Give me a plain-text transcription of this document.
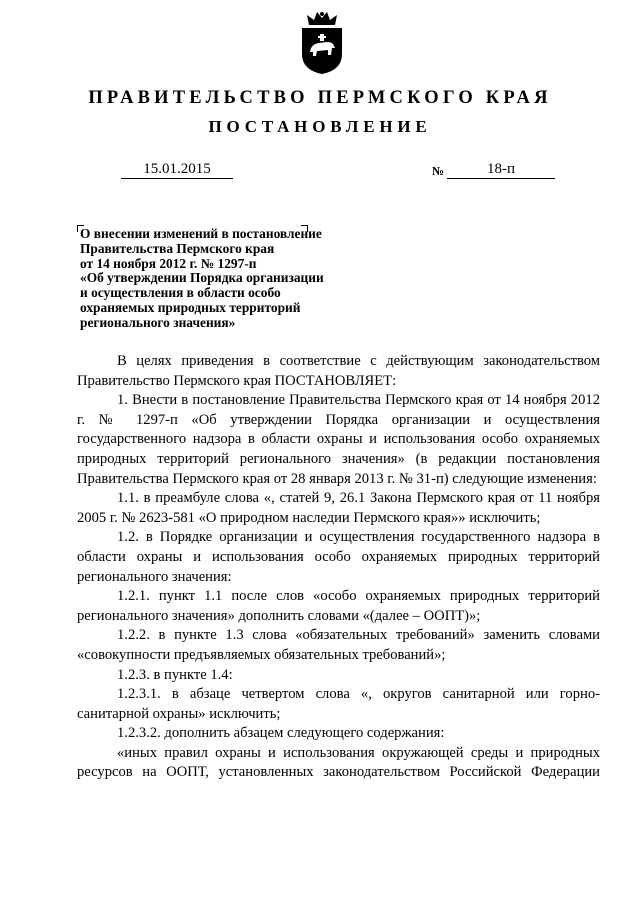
ПРАВИТЕЛЬСТВО ПЕРМСКОГО КРАЯ
ПОСТАНОВЛЕНИЕ
15.01.2015	№	18-п
О внесении изменений в постановление
Правительства Пермского края
от 14 ноября 2012 г. № 1297-п
«Об утверждении Порядка организации
и осуществления в области особо
охраняемых природных территорий
регионального значения»

В целях приведения в соответствие с действующим законодательством Правительство Пермского края ПОСТАНОВЛЯЕТ:

1. Внести в постановление Правительства Пермского края от 14 ноября 2012 г. № 1297-п «Об утверждении Порядка организации и осуществления государственного надзора в области охраны и использования особо охраняемых природных территорий регионального значения» (в редакции постановления Правительства Пермского края от 28 января 2013 г. № 31-п) следующие изменения:

1.1. в преамбуле слова «, статей 9, 26.1 Закона Пермского края от 11 ноября 2005 г. № 2623-581 «О природном наследии Пермского края»» исключить;

1.2. в Порядке организации и осуществления государственного надзора в области охраны и использования особо охраняемых природных территорий регионального значения:

1.2.1. пункт 1.1 после слов «особо охраняемых природных территорий регионального значения» дополнить словами «(далее – ООПТ)»;

1.2.2. в пункте 1.3 слова «обязательных требований» заменить словами «совокупности предъявляемых обязательных требований»;

1.2.3. в пункте 1.4:

1.2.3.1. в абзаце четвертом слова «, округов санитарной или горно-санитарной охраны» исключить;

1.2.3.2. дополнить абзацем следующего содержания:

«иных правил охраны и использования окружающей среды и природных ресурсов на ООПТ, установленных законодательством Российской Федерации
